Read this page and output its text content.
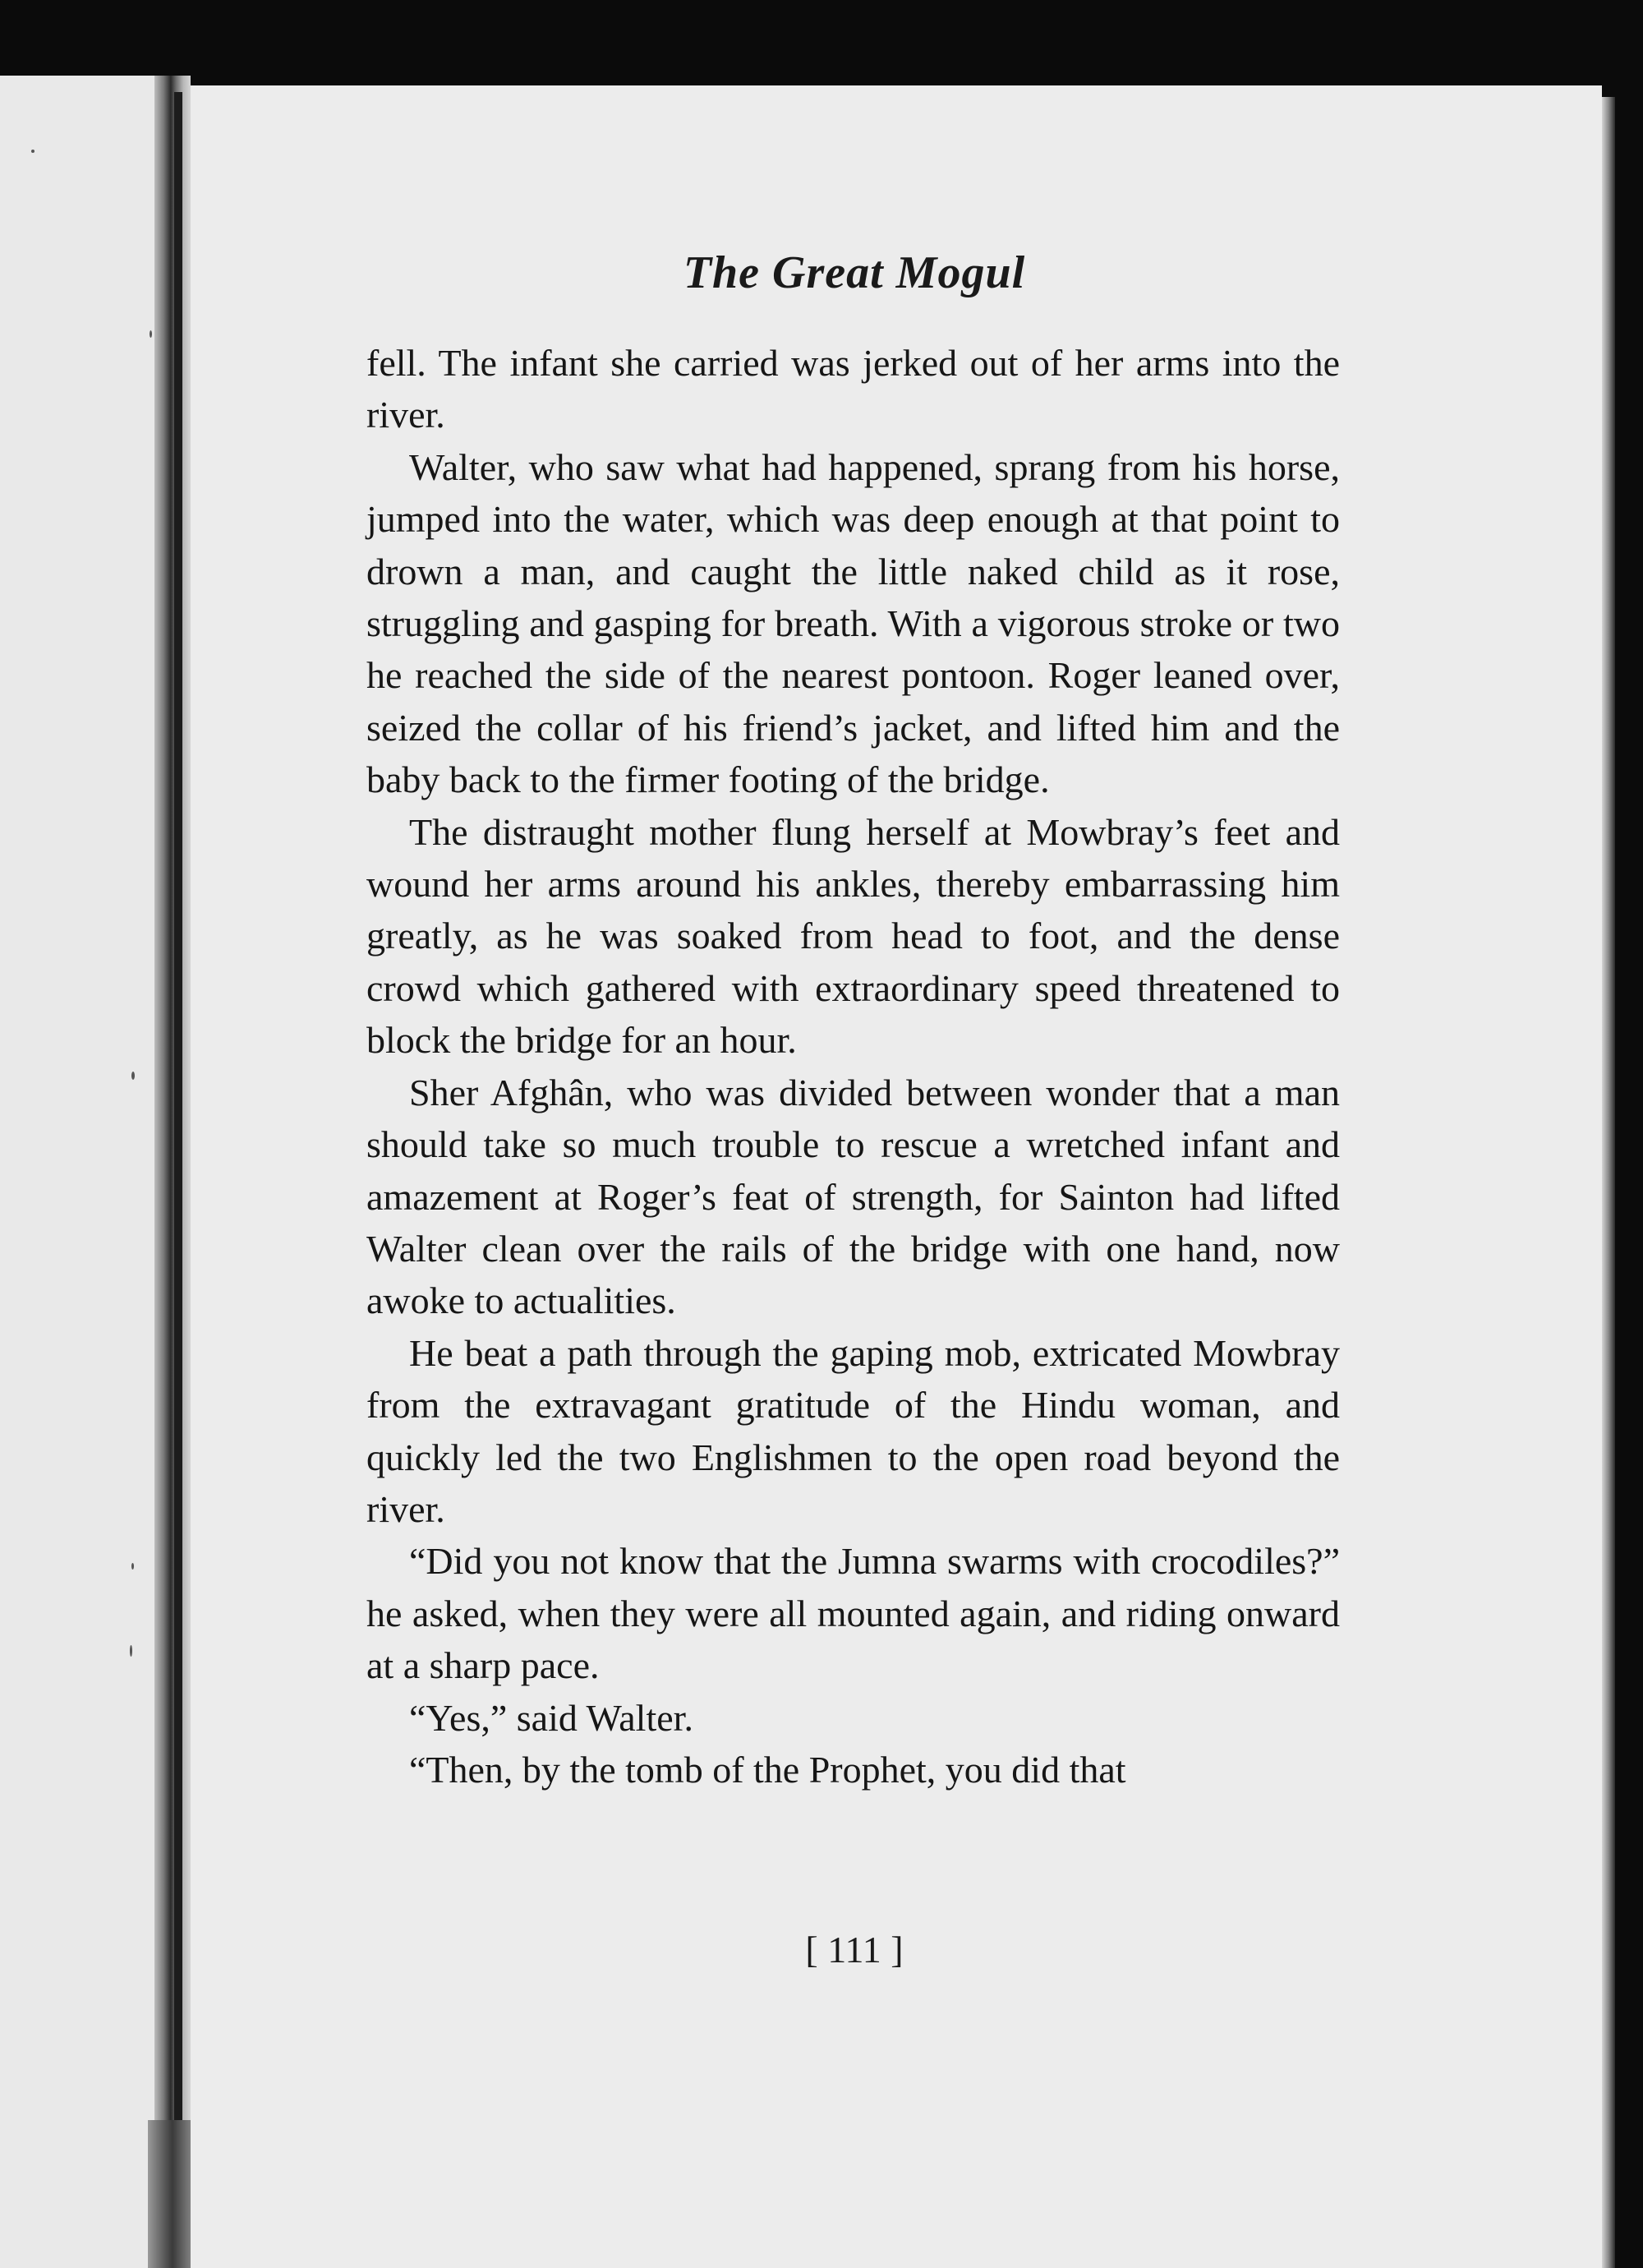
The Great Mogul

fell. The infant she carried was jerked out of her arms into the river.

Walter, who saw what had happened, sprang from his horse, jumped into the water, which was deep enough at that point to drown a man, and caught the little naked child as it rose, struggling and gasping for breath. With a vigorous stroke or two he reached the side of the nearest pontoon. Roger leaned over, seized the collar of his friend’s jacket, and lifted him and the baby back to the firmer footing of the bridge.

The distraught mother flung herself at Mowbray’s feet and wound her arms around his ankles, thereby embarrassing him greatly, as he was soaked from head to foot, and the dense crowd which gathered with extraordinary speed threatened to block the bridge for an hour.

Sher Afghân, who was divided between wonder that a man should take so much trouble to rescue a wretched infant and amazement at Roger’s feat of strength, for Sainton had lifted Walter clean over the rails of the bridge with one hand, now awoke to actualities.

He beat a path through the gaping mob, extricated Mowbray from the extravagant gratitude of the Hindu woman, and quickly led the two Englishmen to the open road beyond the river.

“Did you not know that the Jumna swarms with crocodiles?” he asked, when they were all mounted again, and riding onward at a sharp pace.

“Yes,” said Walter.

“Then, by the tomb of the Prophet, you did that

[ 111 ]
